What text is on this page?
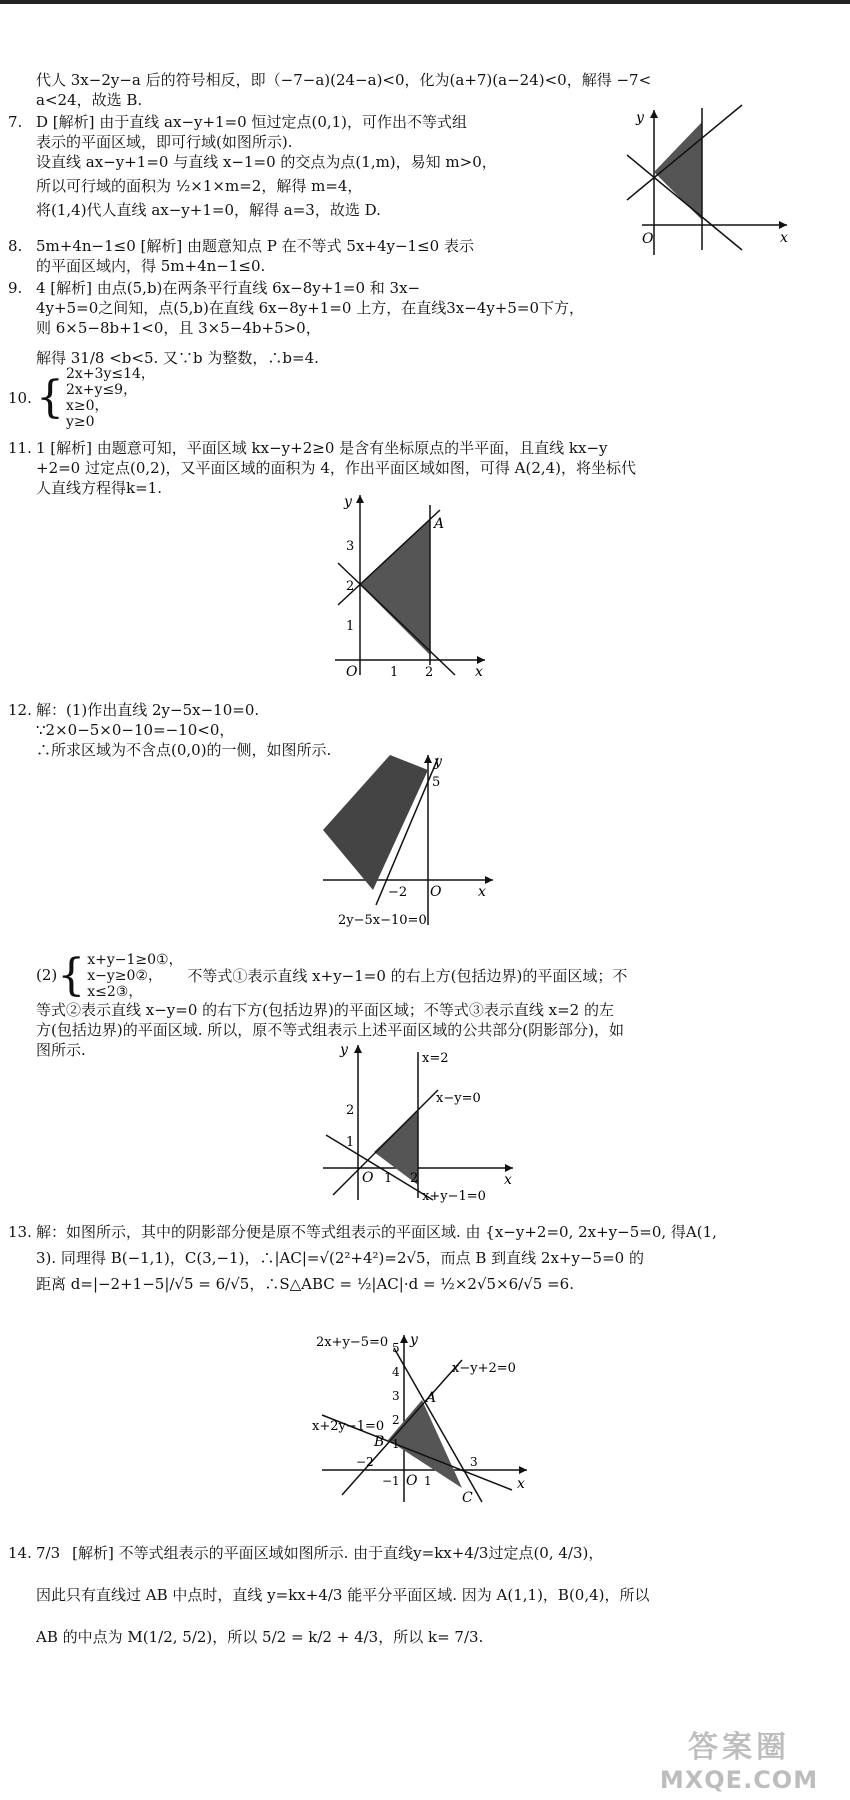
代人 3x−2y−a 后的符号相反，即（−7−a)(24−a)<0，化为(a+7)(a−24)<0，解得 −7<
a<24，故选 B.
7. D [解析] 由于直线 ax−y+1=0 恒过定点(0,1)，可作出不等式组
表示的平面区域，即可行域(如图所示).
设直线 ax−y+1=0 与直线 x−1=0 的交点为点(1,m)，易知 m>0，
所以可行域的面积为 ½×1×m=2，解得 m=4，
将(1,4)代人直线 ax−y+1=0，解得 a=3，故选 D.
y
O	x
8. 5m+4n−1≤0 [解析] 由题意知点 P 在不等式 5x+4y−1≤0 表示
的平面区域内，得 5m+4n−1≤0.
9. 4 [解析] 由点(5,b)在两条平行直线 6x−8y+1=0 和 3x−
4y+5=0之间知，点(5,b)在直线 6x−8y+1=0 上方，在直线3x−4y+5=0下方，
则 6×5−8b+1<0，且 3×5−4b+5>0，
解得 31/8 <b<5. 又∵b 为整数，∴b=4.
10.{ 2x+3y≤14，
2x+y≤9，
x≥0，
y≥0
11. 1 [解析] 由题意可知，平面区域 kx−y+2≥0 是含有坐标原点的半平面，且直线 kx−y
+2=0 过定点(0,2)，又平面区域的面积为 4，作出平面区域如图，可得 A(2,4)，将坐标代
人直线方程得k=1.
y
A
3
2
1
O	1 2	x
12. 解：(1)作出直线 2y−5x−10=0.
∵2×0−5×0−10=−10<0，
∴所求区域为不含点(0,0)的一侧，如图所示.
y
5
−2 O	x
2y−5x−10=0
(2){ x+y−1≥0①，
x−y≥0②，
x≤2③，
不等式①表示直线 x+y−1=0 的右上方(包括边界)的平面区域；不
等式②表示直线 x−y=0 的右下方(包括边界)的平面区域；不等式③表示直线 x=2 的左
方(包括边界)的平面区域. 所以，原不等式组表示上述平面区域的公共部分(阴影部分)，如
图所示.	y
x=2
x−y=0
2
1
O 1 2	x
x+y−1=0
13. 解：如图所示，其中的阴影部分便是原不等式组表示的平面区域. 由 {x−y+2=0, 2x+y−5=0, 得A(1,
3). 同理得 B(−1,1)，C(3,−1)，∴|AC|=√(2²+4²)=2√5，而点 B 到直线 2x+y−5=0 的
距离 d=|−2+1−5|/√5 = 6/√5，∴S△ABC = ½|AC|·d = ½×2√5×6/√5 =6.
2x+y−5=0 y
x−y+2=0
5
4
3
2
1
A
x+2y−1=0
B
−2
−1 O 1
3
C
x
14. 7/3 [解析] 不等式组表示的平面区域如图所示. 由于直线y=kx+4/3过定点(0, 4/3)，
因此只有直线过 AB 中点时，直线 y=kx+4/3 能平分平面区域. 因为 A(1,1)，B(0,4)，所以
AB 的中点为 M(1/2, 5/2)，所以 5/2 = k/2 + 4/3，所以 k= 7/3.
答案圈
MXQE.COM
